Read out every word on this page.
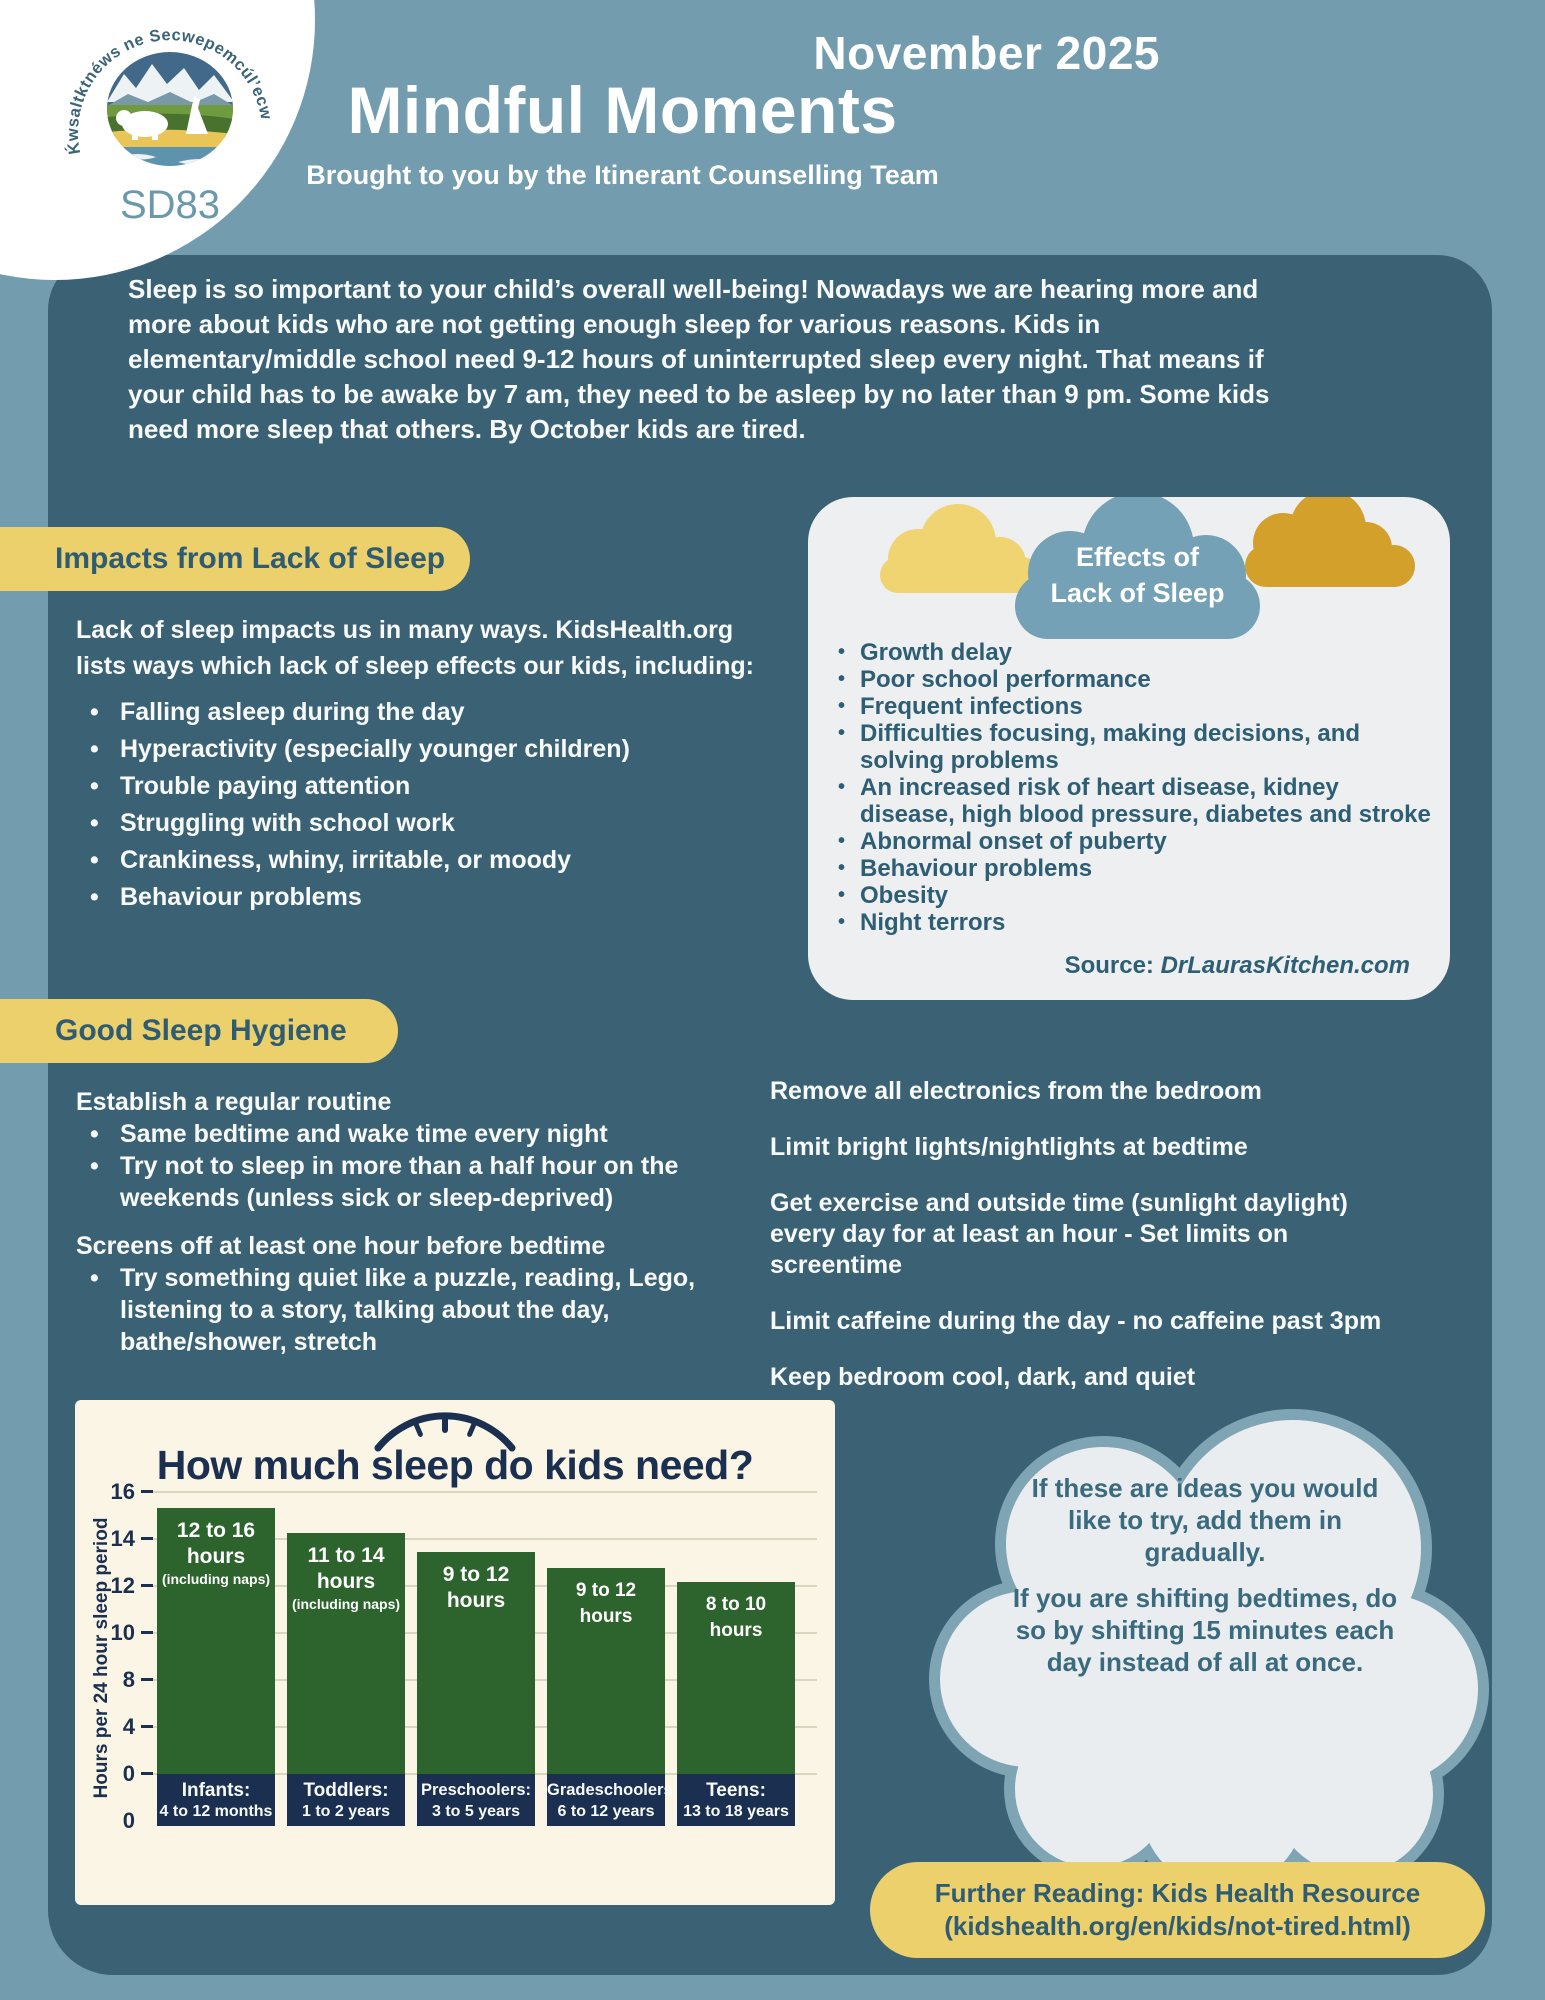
November 2025
Mindful Moments
Brought to you by the Itinerant Counselling Team
Ḱwsaltktnéws ne Secwepemcúl’ecw
SD83
Sleep is so important to your child’s overall well-being! Nowadays we are hearing more and
more about kids who are not getting enough sleep for various reasons. Kids in
elementary/middle school need 9-12 hours of uninterrupted sleep every night. That means if
your child has to be awake by 7 am, they need to be asleep by no later than 9 pm. Some kids
need more sleep that others. By October kids are tired.
Impacts from Lack of Sleep
Lack of sleep impacts us in many ways. KidsHealth.org
lists ways which lack of sleep effects our kids, including:
• Falling asleep during the day
• Hyperactivity (especially younger children)
• Trouble paying attention
• Struggling with school work
• Crankiness, whiny, irritable, or moody
• Behaviour problems
Effects of
Lack of Sleep
• Growth delay
• Poor school performance
• Frequent infections
• Difficulties focusing, making decisions, and
solving problems
• An increased risk of heart disease, kidney
disease, high blood pressure, diabetes and stroke
• Abnormal onset of puberty
• Behaviour problems
• Obesity
• Night terrors
Source: DrLaurasKitchen.com
Good Sleep Hygiene
Establish a regular routine
• Same bedtime and wake time every night
• Try not to sleep in more than a half hour on the
weekends (unless sick or sleep-deprived)
Screens off at least one hour before bedtime
• Try something quiet like a puzzle, reading, Lego,
listening to a story, talking about the day,
bathe/shower, stretch
Remove all electronics from the bedroom
Limit bright lights/nightlights at bedtime
Get exercise and outside time (sunlight daylight)
every day for at least an hour - Set limits on
screentime
Limit caffeine during the day - no caffeine past 3pm
Keep bedroom cool, dark, and quiet
How much sleep do kids need?
Hours per 24 hour sleep period
16
14
12
10
8
4
0
0
12 to 16
hours
(including naps)
11 to 14
hours
(including naps)
9 to 12
hours	9 to 12 hours
8 to 10 hours
Infants:
4 to 12 months
Toddlers:
1 to 2 years
Preschoolers:
3 to 5 years
Gradeschoolers
6 to 12 years
Teens:
13 to 18 years
If these are ideas you would
like to try, add them in
gradually.
If you are shifting bedtimes, do
so by shifting 15 minutes each
day instead of all at once.
Further Reading: Kids Health Resource
(kidshealth.org/en/kids/not-tired.html)
